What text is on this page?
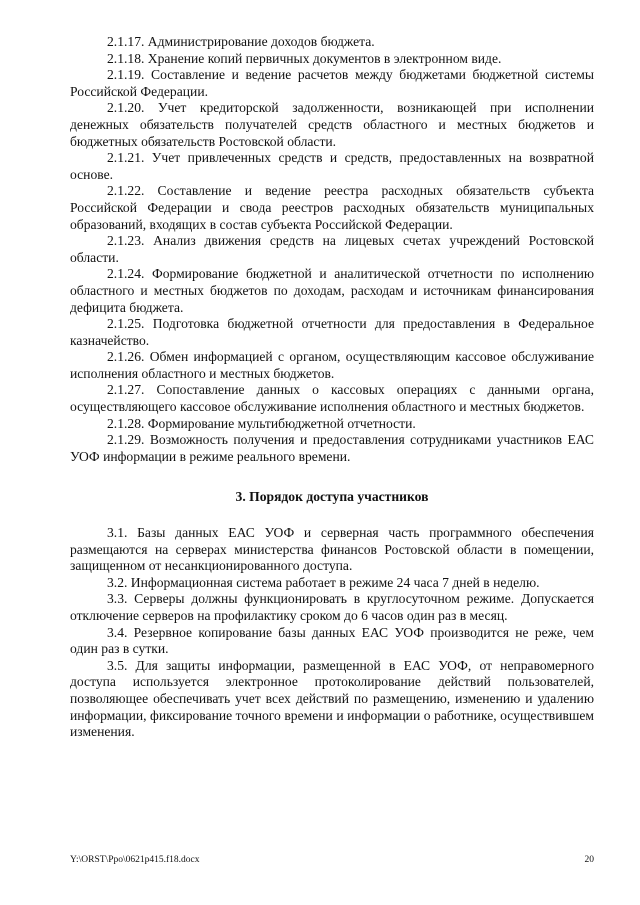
2.1.17. Администрирование доходов бюджета.

2.1.18. Хранение копий первичных документов в электронном виде.

2.1.19. Составление и ведение расчетов между бюджетами бюджетной системы Российской Федерации.

2.1.20. Учет кредиторской задолженности, возникающей при исполнении денежных обязательств получателей средств областного и местных бюджетов и бюджетных обязательств Ростовской области.

2.1.21. Учет привлеченных средств и средств, предоставленных на возвратной основе.

2.1.22. Составление и ведение реестра расходных обязательств субъекта Российской Федерации и свода реестров расходных обязательств муниципальных образований, входящих в состав субъекта Российской Федерации.

2.1.23. Анализ движения средств на лицевых счетах учреждений Ростовской области.

2.1.24. Формирование бюджетной и аналитической отчетности по исполнению областного и местных бюджетов по доходам, расходам и источникам финансирования дефицита бюджета.

2.1.25. Подготовка бюджетной отчетности для предоставления в Федеральное казначейство.

2.1.26. Обмен информацией с органом, осуществляющим кассовое обслуживание исполнения областного и местных бюджетов.

2.1.27. Сопоставление данных о кассовых операциях с данными органа, осуществляющего кассовое обслуживание исполнения областного и местных бюджетов.

2.1.28. Формирование мультибюджетной отчетности.

2.1.29. Возможность получения и предоставления сотрудниками участников ЕАС УОФ информации в режиме реального времени.

3. Порядок доступа участников

3.1. Базы данных ЕАС УОФ и серверная часть программного обеспечения размещаются на серверах министерства финансов Ростовской области в помещении, защищенном от несанкционированного доступа.

3.2. Информационная система работает в режиме 24 часа 7 дней в неделю.

3.3. Серверы должны функционировать в круглосуточном режиме. Допускается отключение серверов на профилактику сроком до 6 часов один раз в месяц.

3.4. Резервное копирование базы данных ЕАС УОФ производится не реже, чем один раз в сутки.

3.5. Для защиты информации, размещенной в ЕАС УОФ, от неправомерного доступа используется электронное протоколирование действий пользователей, позволяющее обеспечивать учет всех действий по размещению, изменению и удалению информации, фиксирование точного времени и информации о работнике, осуществившем изменения.

Y:\ORST\Ppo\0621p415.f18.docx	20
